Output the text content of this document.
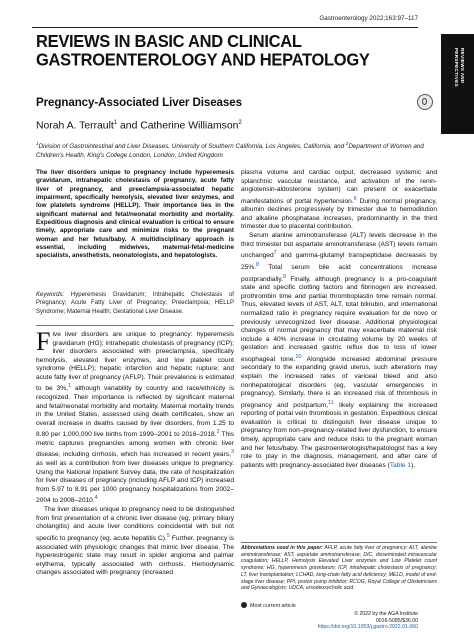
Gastroenterology 2022;163:97–117
REVIEWS IN BASIC AND CLINICAL GASTROENTEROLOGY AND HEPATOLOGY	REVIEWS AND
PERSPECTIVES
Pregnancy-Associated Liver Diseases
Norah A. Terrault$^1$ and Catherine Williamson$^2$
$^1$Division of Gastrointestinal and Liver Diseases, University of Southern California, Los Angeles, California; and $^2$Department of Women and Children's Health, King's College London, London, United Kingdom
The liver disorders unique to pregnancy include hyperemesis gravidarum, intrahepatic cholestasis of pregnancy, acute fatty liver of pregnancy, and preeclampsia-associated hepatic impairment, specifically hemolysis, elevated liver enzymes, and low platelets syndrome (HELLP). Their importance lies in the significant maternal and fetal/neonatal morbidity and mortality. Expeditious diagnosis and clinical evaluation is critical to ensure timely, appropriate care and minimize risks to the pregnant woman and her fetus/baby. A multidisciplinary approach is essential, including midwives, maternal-fetal-medicine specialists, anesthetists, neonatologists, and hepatologists.
Keywords: Hyperemesis Gravidarum; Intrahepatic Cholestasis of Pregnancy; Acute Fatty Liver of Pregnancy; Preeclampsia; HELLP Syndrome; Maternal Health; Gestational Liver Disease.

Five liver disorders are unique to pregnancy: hyperemesis gravidarum (HG); intrahepatic cholestasis of pregnancy (ICP); liver disorders associated with preeclampsia, specifically hemolysis, elevated liver enzymes, and low platelet count syndrome (HELLP); hepatic infarction and hepatic rupture; and acute fatty liver of pregnancy (AFLP). Their prevalence is estimated to be 3%,$^1$ although variability by country and race/ethnicity is recognized. Their importance is reflected by significant maternal and fetal/neonatal morbidity and mortality. Maternal mortality trends in the United States, assessed using death certificates, show an overall increase in deaths caused by liver disorders, from 1.25 to 8.80 per 1,000,000 live births from 1999–2001 to 2016–2018.$^2$ This metric captures pregnancies among women with chronic liver disease, including cirrhosis, which has increased in recent years,$^3$ as well as a contribution from liver diseases unique to pregnancy. Using the National Inpatient Survey data, the rate of hospitalization for liver diseases of pregnancy (including AFLP and ICP) increased from 5.97 to 8.91 per 1000 pregnancy hospitalizations from 2002–2004 to 2008–2010.$^4$

The liver diseases unique to pregnancy need to be distinguished from first presentation of a chronic liver disease (eg, primary biliary cholangitis) and acute liver conditions coincidental with but not specific to pregnancy (eg, acute hepatitis C).$^5$ Further, pregnancy is associated with physiologic changes that mimic liver disease. The hyperestrogenic state may result in spider angioma and palmar erythema, typically associated with cirrhosis. Hemodynamic changes associated with pregnancy (increased

plasma volume and cardiac output, decreased systemic and splanchnic vascular resistance, and activation of the renin-angiotensin-aldosterone system) can present or exacerbate manifestations of portal hypertension.$^6$ During normal pregnancy, albumin declines progressively by trimester due to hemodilution and alkaline phosphatase increases, predominantly in the third trimester due to placental contribution.

Serum alanine aminotransferase (ALT) levels decrease in the third trimester but aspartate aminotransferase (AST) levels remain unchanged$^7$ and gamma-glutamyl transpeptidase decreases by 25%.$^8$ Total serum bile acid concentrations increase postprandially.$^9$ Finally, although pregnancy is a pro-coagulant state and specific clotting factors and fibrinogen are increased, prothrombin time and partial thromboplastin time remain normal. Thus, elevated levels of AST, ALT, total bilirubin, and international normalized ratio in pregnancy require evaluation for de novo or previously unrecognized liver disease. Additional physiological changes of normal pregnancy that may exacerbate maternal risk include a 40% increase in circulating volume by 20 weeks of gestation and increased gastric reflux due to loss of lower esophageal tone.$^{10}$ Alongside increased abdominal pressure secondary to the expanding gravid uterus, such alterations may explain the increased rates of variceal bleed and also nonhepatological disorders (eg, vascular emergencies in pregnancy). Similarly, there is an increased risk of thrombosis in pregnancy and postpartum,$^{11}$ likely explaining the increased reporting of portal vein thrombosis in gestation. Expeditious clinical evaluation is critical to distinguish liver disease unique to pregnancy from non–pregnancy-related liver dysfunction, to ensure timely, appropriate care and reduce risks to the pregnant woman and her fetus/baby. The gastroenterologist/hepatologist has a key role to play in the diagnosis, management, and after care of patients with pregnancy-associated liver diseases (Table 1).

Abbreviations used in this paper: AFLP, acute fatty liver of pregnancy; ALT, alanine aminotransferase; AST, aspartate aminotransferase; DIC, disseminated intravascular coagulation; HELLP, Hemolysis Elevated Liver enzymes and Low Platelet count syndrome; HG, hyperemesis gravidarum; ICP, intrahepatic cholestasis of pregnancy; LT, liver transplantation; LCHAD, long-chain fatty acid deficiency; MELD, model of end-stage liver disease; PPI, proton pump inhibitor; RCOG, Royal College of Obstetricians and Gynaecologists; UDCA, ursodeoxycholic acid.
Most current article
© 2022 by the AGA Institute
0016-5085/$36.00
https://doi.org/10.1053/j.gastro.2022.01.060
